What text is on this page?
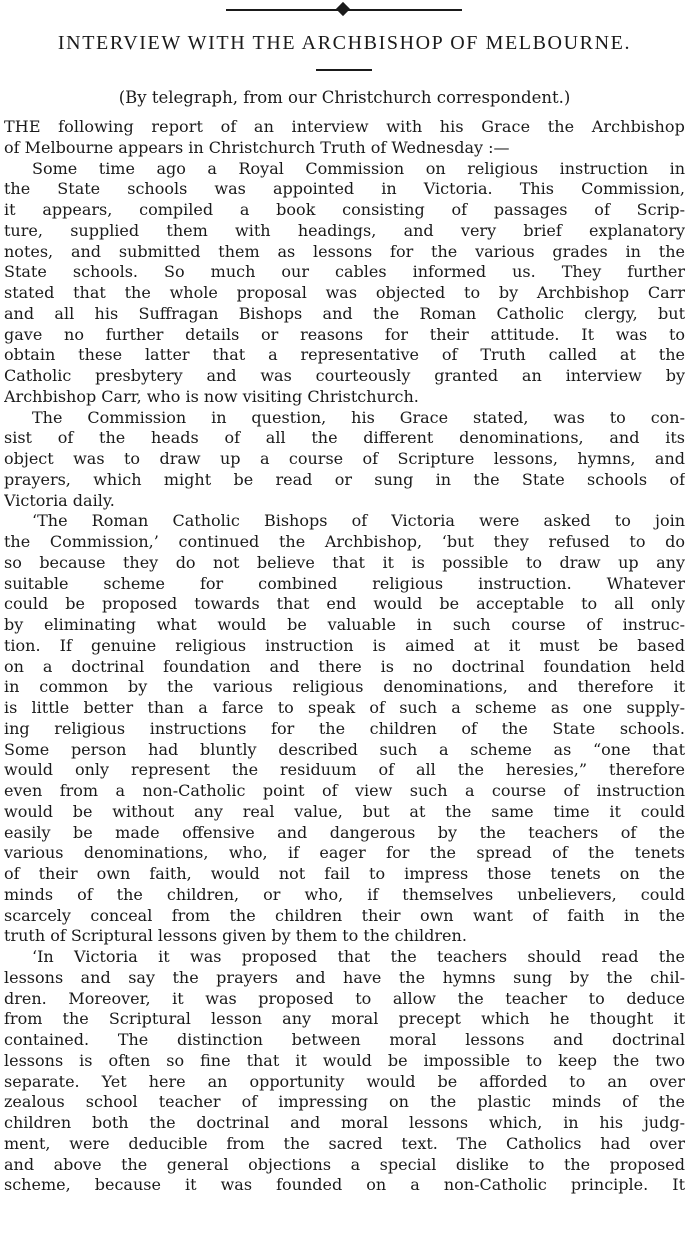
INTERVIEW WITH THE ARCHBISHOP OF MELBOURNE.
(By telegraph, from our Christchurch correspondent.)
THE following report of an interview with his Grace the Archbishop
of Melbourne appears in Christchurch Truth of Wednesday :—
Some time ago a Royal Commission on religious instruction in
the State schools was appointed in Victoria. This Commission,
it appears, compiled a book consisting of passages of Scrip-
ture, supplied them with headings, and very brief explanatory
notes, and submitted them as lessons for the various grades in the
State schools. So much our cables informed us. They further
stated that the whole proposal was objected to by Archbishop Carr
and all his Suffragan Bishops and the Roman Catholic clergy, but
gave no further details or reasons for their attitude. It was to
obtain these latter that a representative of Truth called at the
Catholic presbytery and was courteously granted an interview by
Archbishop Carr, who is now visiting Christchurch.
The Commission in question, his Grace stated, was to con-
sist of the heads of all the different denominations, and its
object was to draw up a course of Scripture lessons, hymns, and
prayers, which might be read or sung in the State schools of
Victoria daily.
‘The Roman Catholic Bishops of Victoria were asked to join
the Commission,’ continued the Archbishop, ‘but they refused to do
so because they do not believe that it is possible to draw up any
suitable scheme for combined religious instruction. Whatever
could be proposed towards that end would be acceptable to all only
by eliminating what would be valuable in such course of instruc-
tion. If genuine religious instruction is aimed at it must be based
on a doctrinal foundation and there is no doctrinal foundation held
in common by the various religious denominations, and therefore it
is little better than a farce to speak of such a scheme as one supply-
ing religious instructions for the children of the State schools.
Some person had bluntly described such a scheme as “one that
would only represent the residuum of all the heresies,” therefore
even from a non-Catholic point of view such a course of instruction
would be without any real value, but at the same time it could
easily be made offensive and dangerous by the teachers of the
various denominations, who, if eager for the spread of the tenets
of their own faith, would not fail to impress those tenets on the
minds of the children, or who, if themselves unbelievers, could
scarcely conceal from the children their own want of faith in the
truth of Scriptural lessons given by them to the children.
‘In Victoria it was proposed that the teachers should read the
lessons and say the prayers and have the hymns sung by the chil-
dren. Moreover, it was proposed to allow the teacher to deduce
from the Scriptural lesson any moral precept which he thought it
contained. The distinction between moral lessons and doctrinal
lessons is often so fine that it would be impossible to keep the two
separate. Yet here an opportunity would be afforded to an over
zealous school teacher of impressing on the plastic minds of the
children both the doctrinal and moral lessons which, in his judg-
ment, were deducible from the sacred text. The Catholics had over
and above the general objections a special dislike to the proposed
scheme, because it was founded on a non-Catholic principle. It
